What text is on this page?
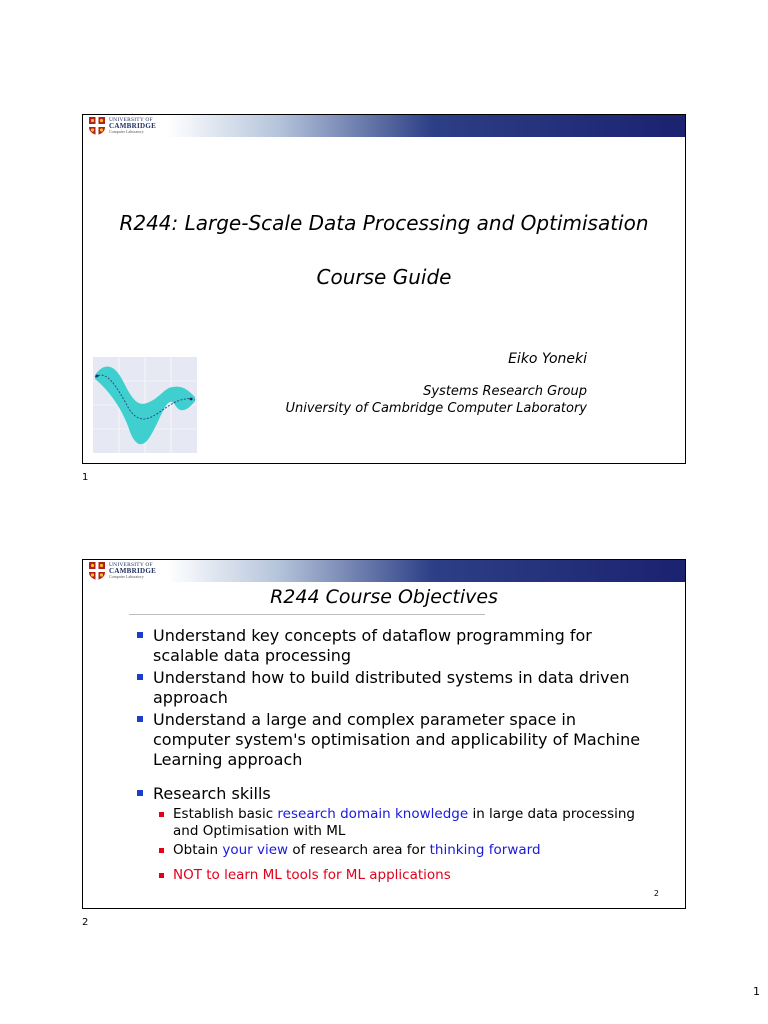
UNIVERSITY OF
CAMBRIDGE
Computer Laboratory
R244: Large-Scale Data Processing and Optimisation
Course Guide
Eiko Yoneki
Systems Research Group
University of Cambridge Computer Laboratory
1
UNIVERSITY OF
CAMBRIDGE
Computer Laboratory
R244 Course Objectives
Understand key concepts of dataflow programming for scalable data processing
Understand how to build distributed systems in data driven approach
Understand a large and complex parameter space in computer system's optimisation and applicability of Machine Learning approach
Research skills
Establish basic research domain knowledge in large data processing and Optimisation with ML
Obtain your view of research area for thinking forward
NOT to learn ML tools for ML applications
2
2
1
